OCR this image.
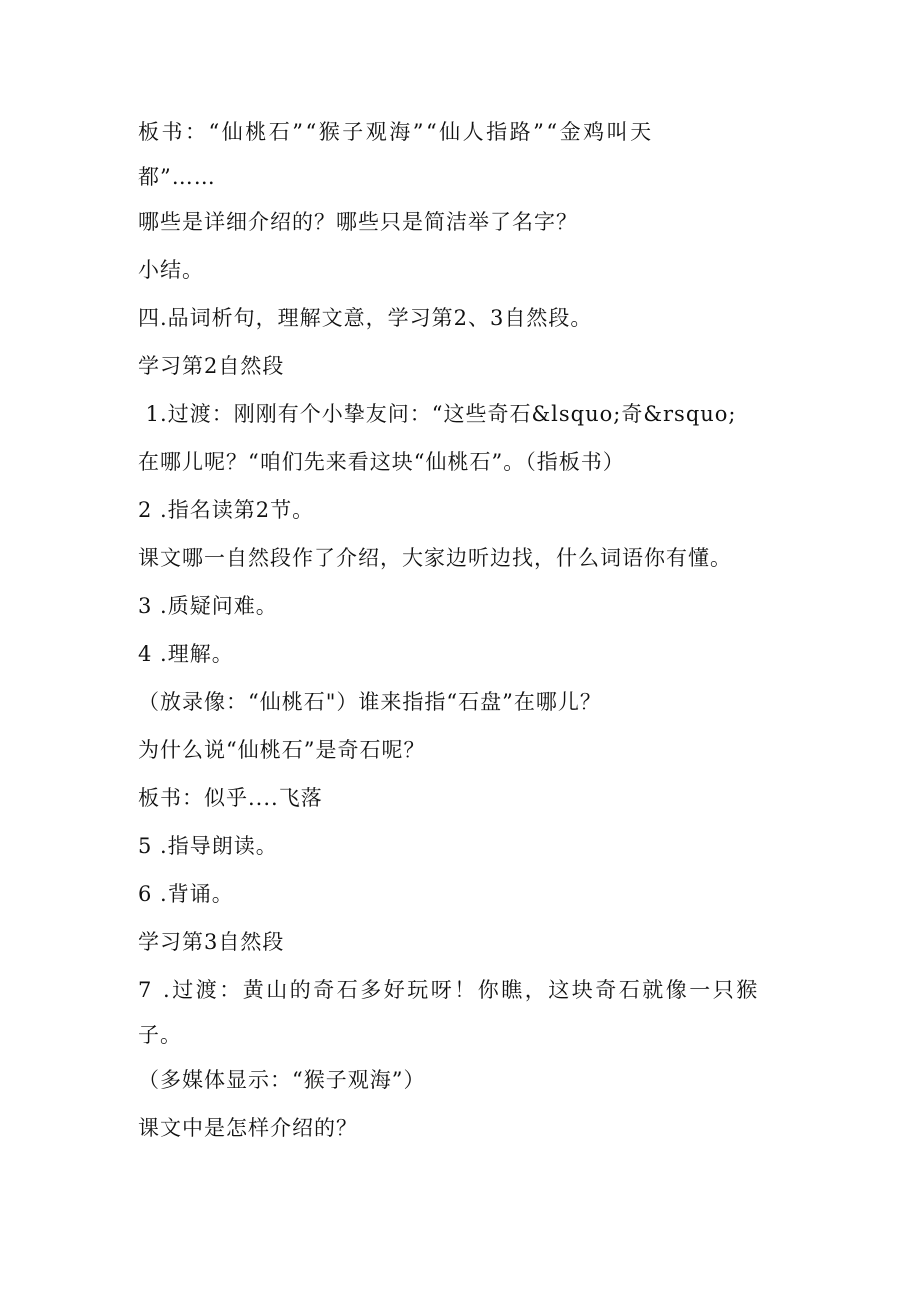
板书：“仙桃石”“猴子观海”“仙人指路”“金鸡叫天
都”……
哪些是详细介绍的？哪些只是简洁举了名字？
小结。
四.品词析句，理解文意，学习第2、3自然段。
学习第2自然段
1.过渡：刚刚有个小挚友问：“这些奇石&lsquo;奇&rsquo;
在哪儿呢？“咱们先来看这块“仙桃石”。（指板书）
2 .指名读第2节。
课文哪一自然段作了介绍，大家边听边找，什么词语你有懂。
3 .质疑问难。
4 .理解。
（放录像：“仙桃石"）谁来指指“石盘”在哪儿？
为什么说“仙桃石”是奇石呢？
板书：似乎....飞落
5 .指导朗读。
6 .背诵。
学习第3自然段
7 .过渡：黄山的奇石多好玩呀！你瞧，这块奇石就像一只猴
子。
（多媒体显示：“猴子观海”）
课文中是怎样介绍的？
